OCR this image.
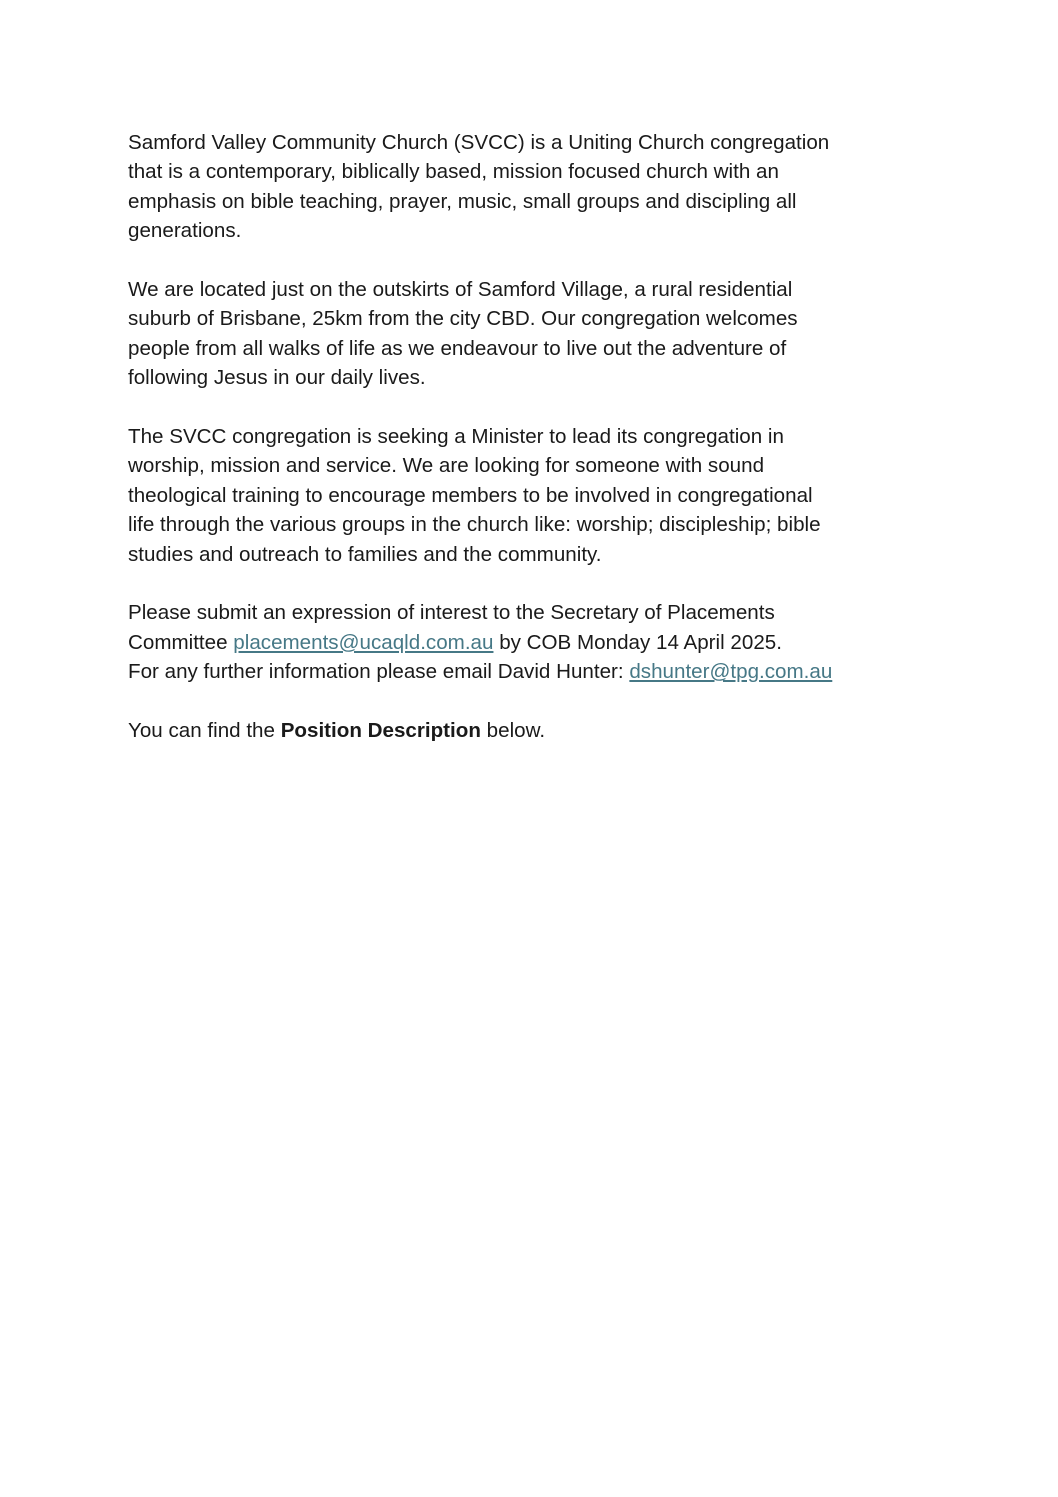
Samford Valley Community Church (SVCC) is a Uniting Church congregation
that is a contemporary, biblically based, mission focused church with an
emphasis on bible teaching, prayer, music, small groups and discipling all
generations.

We are located just on the outskirts of Samford Village, a rural residential
suburb of Brisbane, 25km from the city CBD. Our congregation welcomes
people from all walks of life as we endeavour to live out the adventure of
following Jesus in our daily lives.

The SVCC congregation is seeking a Minister to lead its congregation in
worship, mission and service. We are looking for someone with sound
theological training to encourage members to be involved in congregational
life through the various groups in the church like: worship; discipleship; bible
studies and outreach to families and the community.

Please submit an expression of interest to the Secretary of Placements
Committee placements@ucaqld.com.au by COB Monday 14 April 2025.
For any further information please email David Hunter: dshunter@tpg.com.au

You can find the Position Description below.
